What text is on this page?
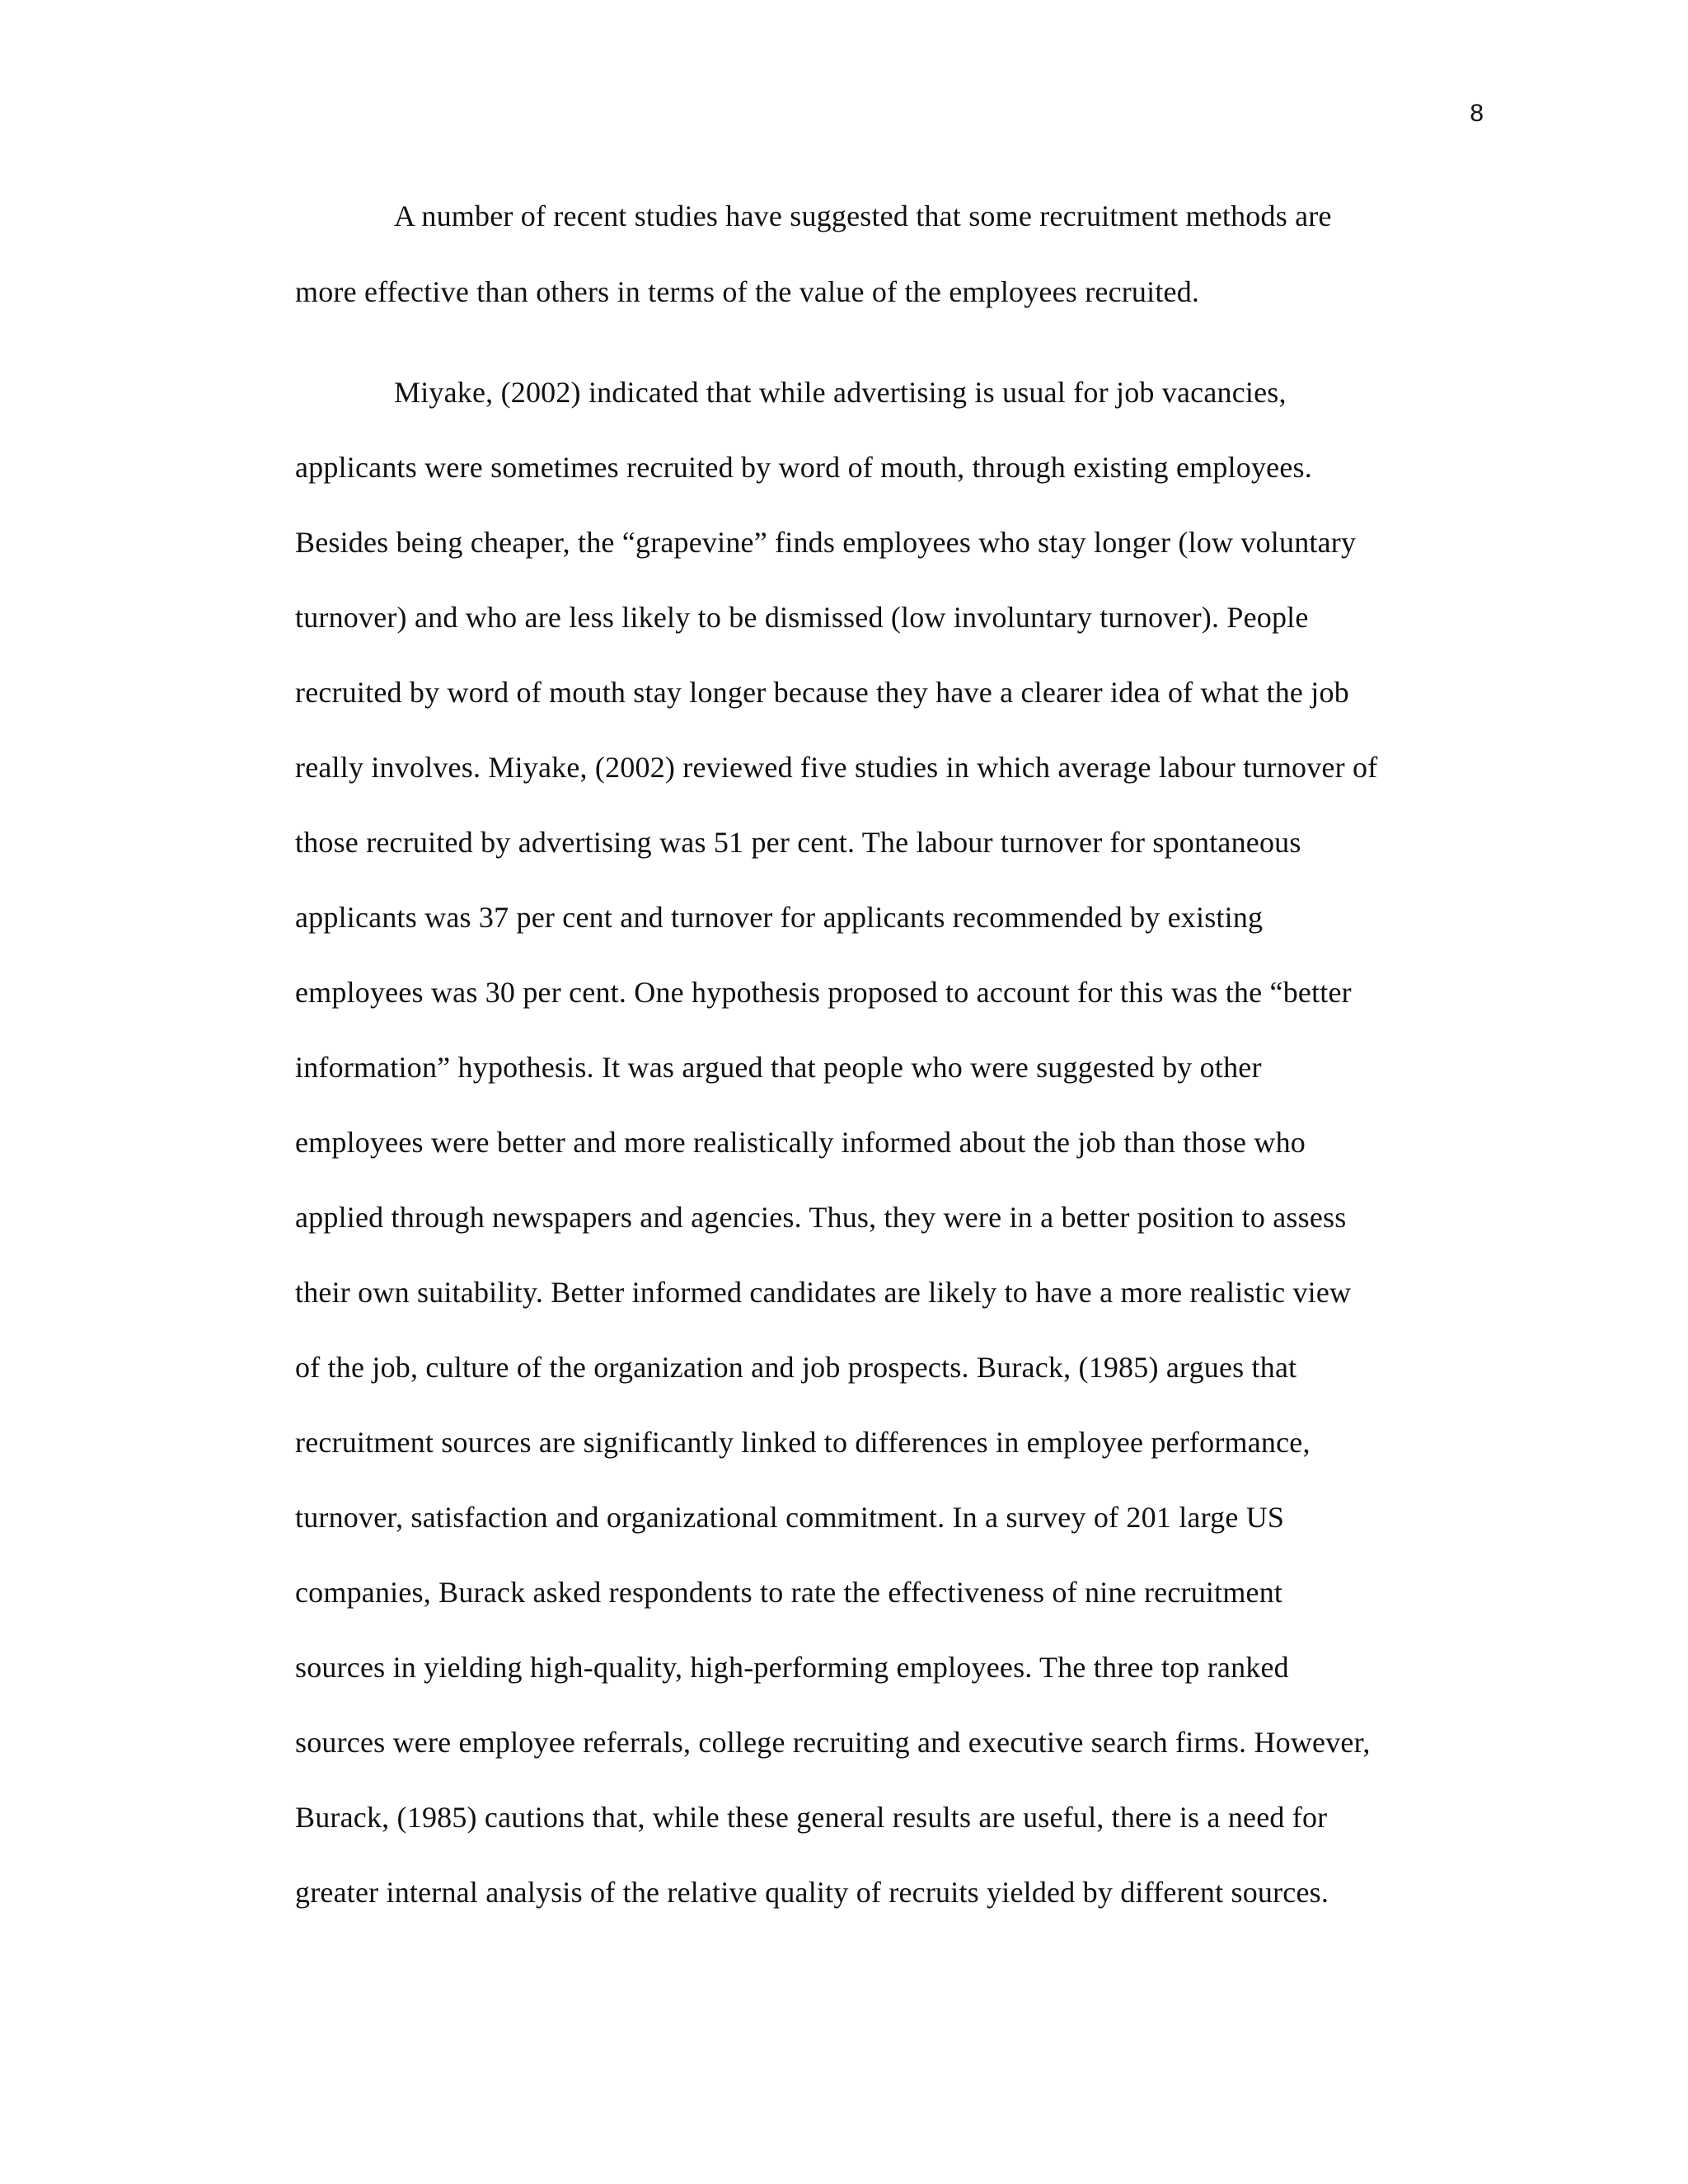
8
A number of recent studies have suggested that some recruitment methods are
more effective than others in terms of the value of the employees recruited.
Miyake, (2002) indicated that while advertising is usual for job vacancies,
applicants were sometimes recruited by word of mouth, through existing employees.
Besides being cheaper, the “grapevine” finds employees who stay longer (low voluntary
turnover) and who are less likely to be dismissed (low involuntary turnover). People
recruited by word of mouth stay longer because they have a clearer idea of what the job
really involves. Miyake, (2002) reviewed five studies in which average labour turnover of
those recruited by advertising was 51 per cent. The labour turnover for spontaneous
applicants was 37 per cent and turnover for applicants recommended by existing
employees was 30 per cent. One hypothesis proposed to account for this was the “better
information” hypothesis. It was argued that people who were suggested by other
employees were better and more realistically informed about the job than those who
applied through newspapers and agencies. Thus, they were in a better position to assess
their own suitability. Better informed candidates are likely to have a more realistic view
of the job, culture of the organization and job prospects. Burack, (1985) argues that
recruitment sources are significantly linked to differences in employee performance,
turnover, satisfaction and organizational commitment. In a survey of 201 large US
companies, Burack asked respondents to rate the effectiveness of nine recruitment
sources in yielding high-quality, high-performing employees. The three top ranked
sources were employee referrals, college recruiting and executive search firms. However,
Burack, (1985) cautions that, while these general results are useful, there is a need for
greater internal analysis of the relative quality of recruits yielded by different sources.
